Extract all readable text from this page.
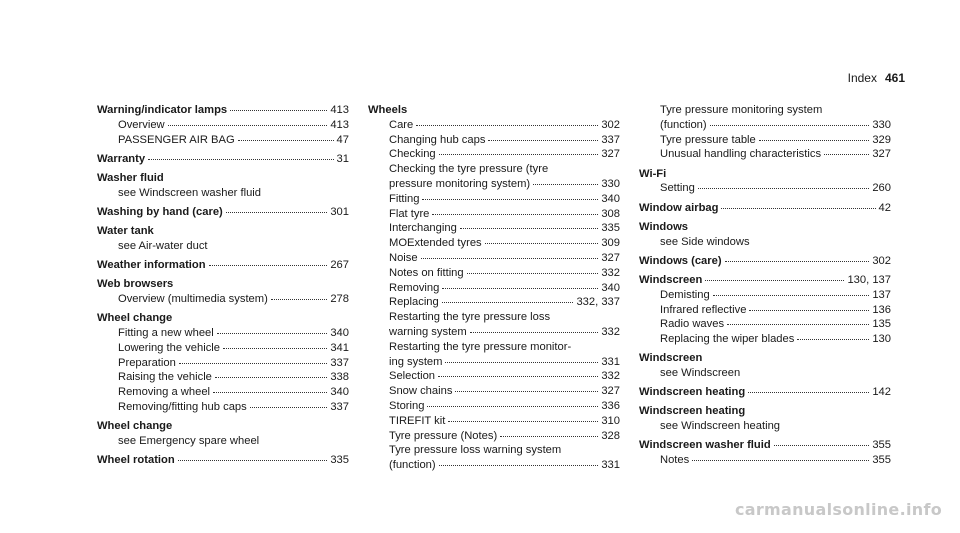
Index 461
Warning/indicator lamps	413
Overview	413
PASSENGER AIR BAG	47
Warranty	31
Washer fluid
see Windscreen washer fluid
Washing by hand (care)	301
Water tank
see Air-water duct
Weather information	267
Web browsers
Overview (multimedia system)	278
Wheel change
Fitting a new wheel	340
Lowering the vehicle	341
Preparation	337
Raising the vehicle	338
Removing a wheel	340
Removing/fitting hub caps	337
Wheel change
see Emergency spare wheel
Wheel rotation	335
Wheels
Care	302
Changing hub caps	337
Checking	327
Checking the tyre pressure (tyre
pressure monitoring system)	330
Fitting	340
Flat tyre	308
Interchanging	335
MOExtended tyres	309
Noise	327
Notes on fitting	332
Removing	340
Replacing	332, 337
Restarting the tyre pressure loss
warning system	332
Restarting the tyre pressure monitor-
ing system	331
Selection	332
Snow chains	327
Storing	336
TIREFIT kit	310
Tyre pressure (Notes)	328
Tyre pressure loss warning system
(function)	331
Tyre pressure monitoring system
(function)	330
Tyre pressure table	329
Unusual handling characteristics	327
Wi-Fi
Setting	260
Window airbag	42
Windows
see Side windows
Windows (care)	302
Windscreen	130, 137
Demisting	137
Infrared reflective	136
Radio waves	135
Replacing the wiper blades	130
Windscreen
see Windscreen
Windscreen heating	142
Windscreen heating
see Windscreen heating
Windscreen washer fluid	355
Notes	355
carmanualsonline.info
